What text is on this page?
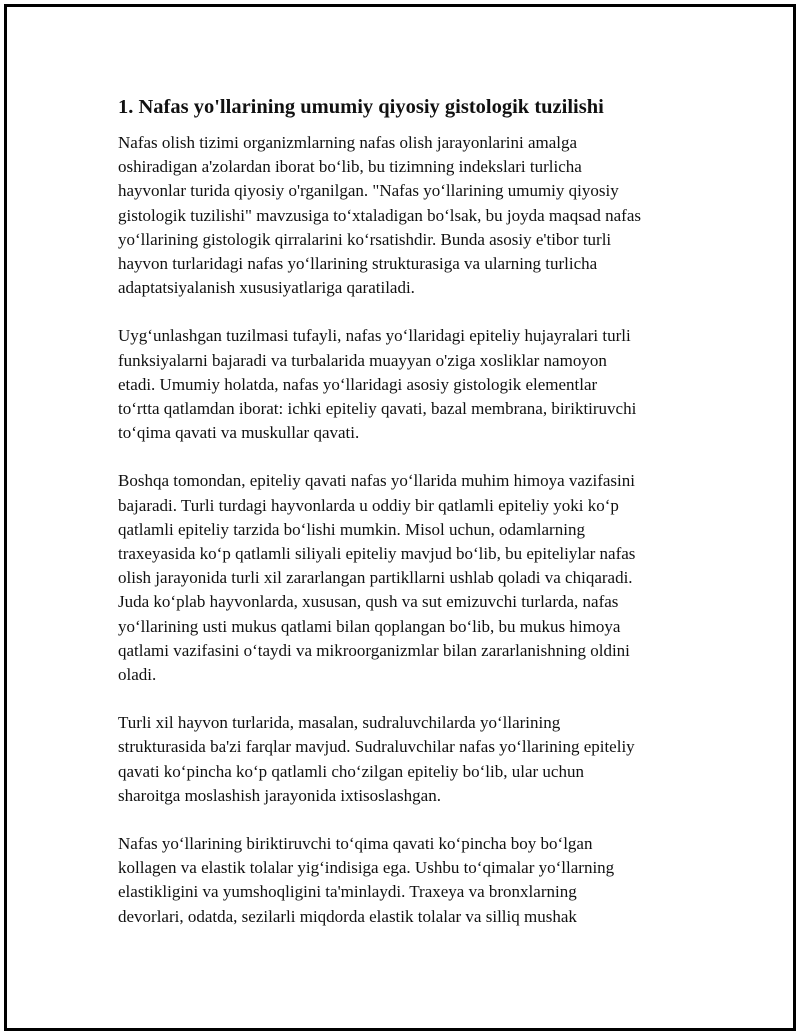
1. Nafas yo'llarining umumiy qiyosiy gistologik tuzilishi

Nafas olish tizimi organizmlarning nafas olish jarayonlarini amalga
oshiradigan a'zolardan iborat bo‘lib, bu tizimning indekslari turlicha
hayvonlar turida qiyosiy o'rganilgan. "Nafas yo‘llarining umumiy qiyosiy
gistologik tuzilishi" mavzusiga to‘xtaladigan bo‘lsak, bu joyda maqsad nafas
yo‘llarining gistologik qirralarini ko‘rsatishdir. Bunda asosiy e'tibor turli
hayvon turlaridagi nafas yo‘llarining strukturasiga va ularning turlicha
adaptatsiyalanish xususiyatlariga qaratiladi.

Uyg‘unlashgan tuzilmasi tufayli, nafas yo‘llaridagi epiteliy hujayralari turli
funksiyalarni bajaradi va turbalarida muayyan o'ziga xosliklar namoyon
etadi. Umumiy holatda, nafas yo‘llaridagi asosiy gistologik elementlar
to‘rtta qatlamdan iborat: ichki epiteliy qavati, bazal membrana, biriktiruvchi
to‘qima qavati va muskullar qavati.

Boshqa tomondan, epiteliy qavati nafas yo‘llarida muhim himoya vazifasini
bajaradi. Turli turdagi hayvonlarda u oddiy bir qatlamli epiteliy yoki ko‘p
qatlamli epiteliy tarzida bo‘lishi mumkin. Misol uchun, odamlarning
traxeyasida ko‘p qatlamli siliyali epiteliy mavjud bo‘lib, bu epiteliylar nafas
olish jarayonida turli xil zararlangan partikllarni ushlab qoladi va chiqaradi.
Juda ko‘plab hayvonlarda, xususan, qush va sut emizuvchi turlarda, nafas
yo‘llarining usti mukus qatlami bilan qoplangan bo‘lib, bu mukus himoya
qatlami vazifasini o‘taydi va mikroorganizmlar bilan zararlanishning oldini
oladi.

Turli xil hayvon turlarida, masalan, sudraluvchilarda yo‘llarining
strukturasida ba'zi farqlar mavjud. Sudraluvchilar nafas yo‘llarining epiteliy
qavati ko‘pincha ko‘p qatlamli cho‘zilgan epiteliy bo‘lib, ular uchun
sharoitga moslashish jarayonida ixtisoslashgan.

Nafas yo‘llarining biriktiruvchi to‘qima qavati ko‘pincha boy bo‘lgan
kollagen va elastik tolalar yig‘indisiga ega. Ushbu to‘qimalar yo‘llarning
elastikligini va yumshoqligini ta'minlaydi. Traxeya va bronxlarning
devorlari, odatda, sezilarli miqdorda elastik tolalar va silliq mushak
